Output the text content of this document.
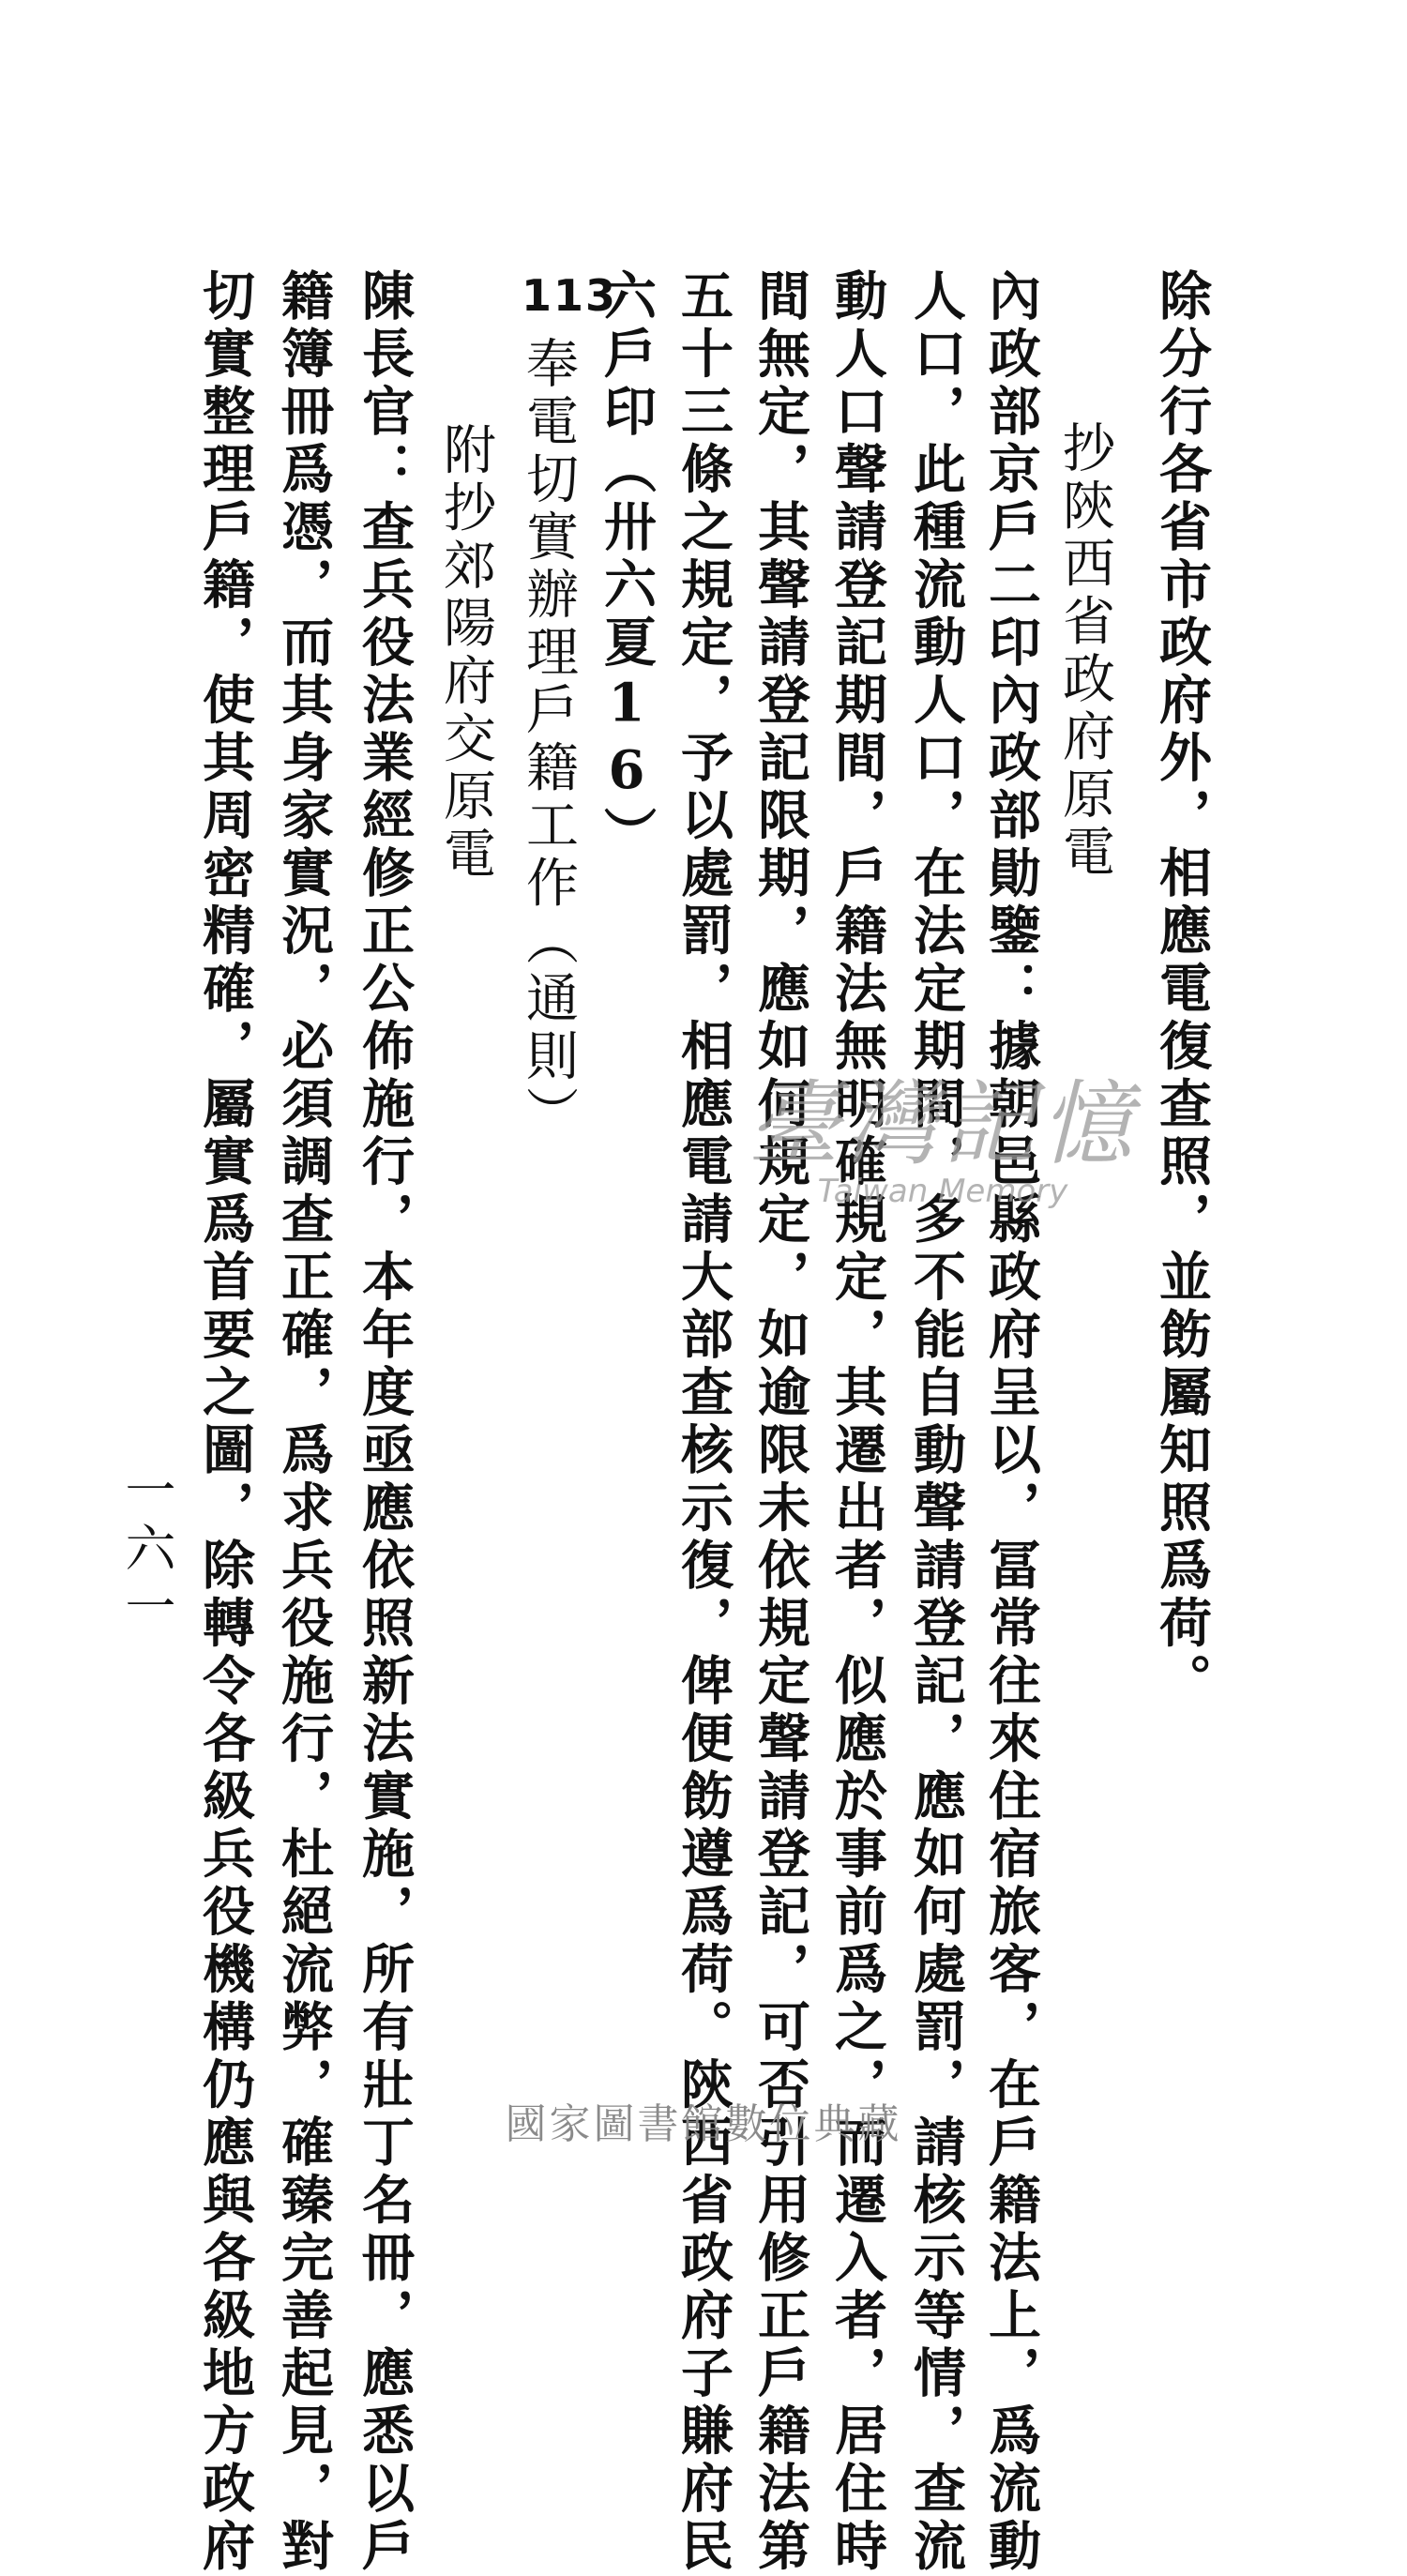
除分行各省市政府外，相應電復查照，並飭屬知照爲荷。
抄陝西省政府原電
內政部京戶二印內政部勛鑒：據朝邑縣政府呈以，冨常往來住宿旅客，在戶籍法上，爲流動
人口，此種流動人口，在法定期間，多不能自動聲請登記，應如何處罰，請核示等情，查流
動人口聲請登記期間，戶籍法無明確規定，其遷出者，似應於事前爲之，而遷入者，居住時
間無定，其聲請登記限期，應如何規定，如逾限未依規定聲請登記，可否引用修正戶籍法第
五十三條之規定，予以處罰，相應電請大部查核示復，俾便飭遵爲荷。陝西省政府子賺府民
六戶印（卅六夏16）
113
奉電切實辦理戶籍工作（通則）
附抄郊陽府交原電
陳長官：查兵役法業經修正公佈施行，本年度亟應依照新法實施，所有壯丁名冊，應悉以戶
籍簿冊爲憑，而其身家實況，必須調查正確，爲求兵役施行，杜絕流弊，確臻完善起見，對
切實整理戶籍，使其周密精確，屬實爲首要之圖，除轉令各級兵役機構仍應與各級地方政府
一六一
臺灣記憶
Taiwan Memory
國家圖書館數位典藏
